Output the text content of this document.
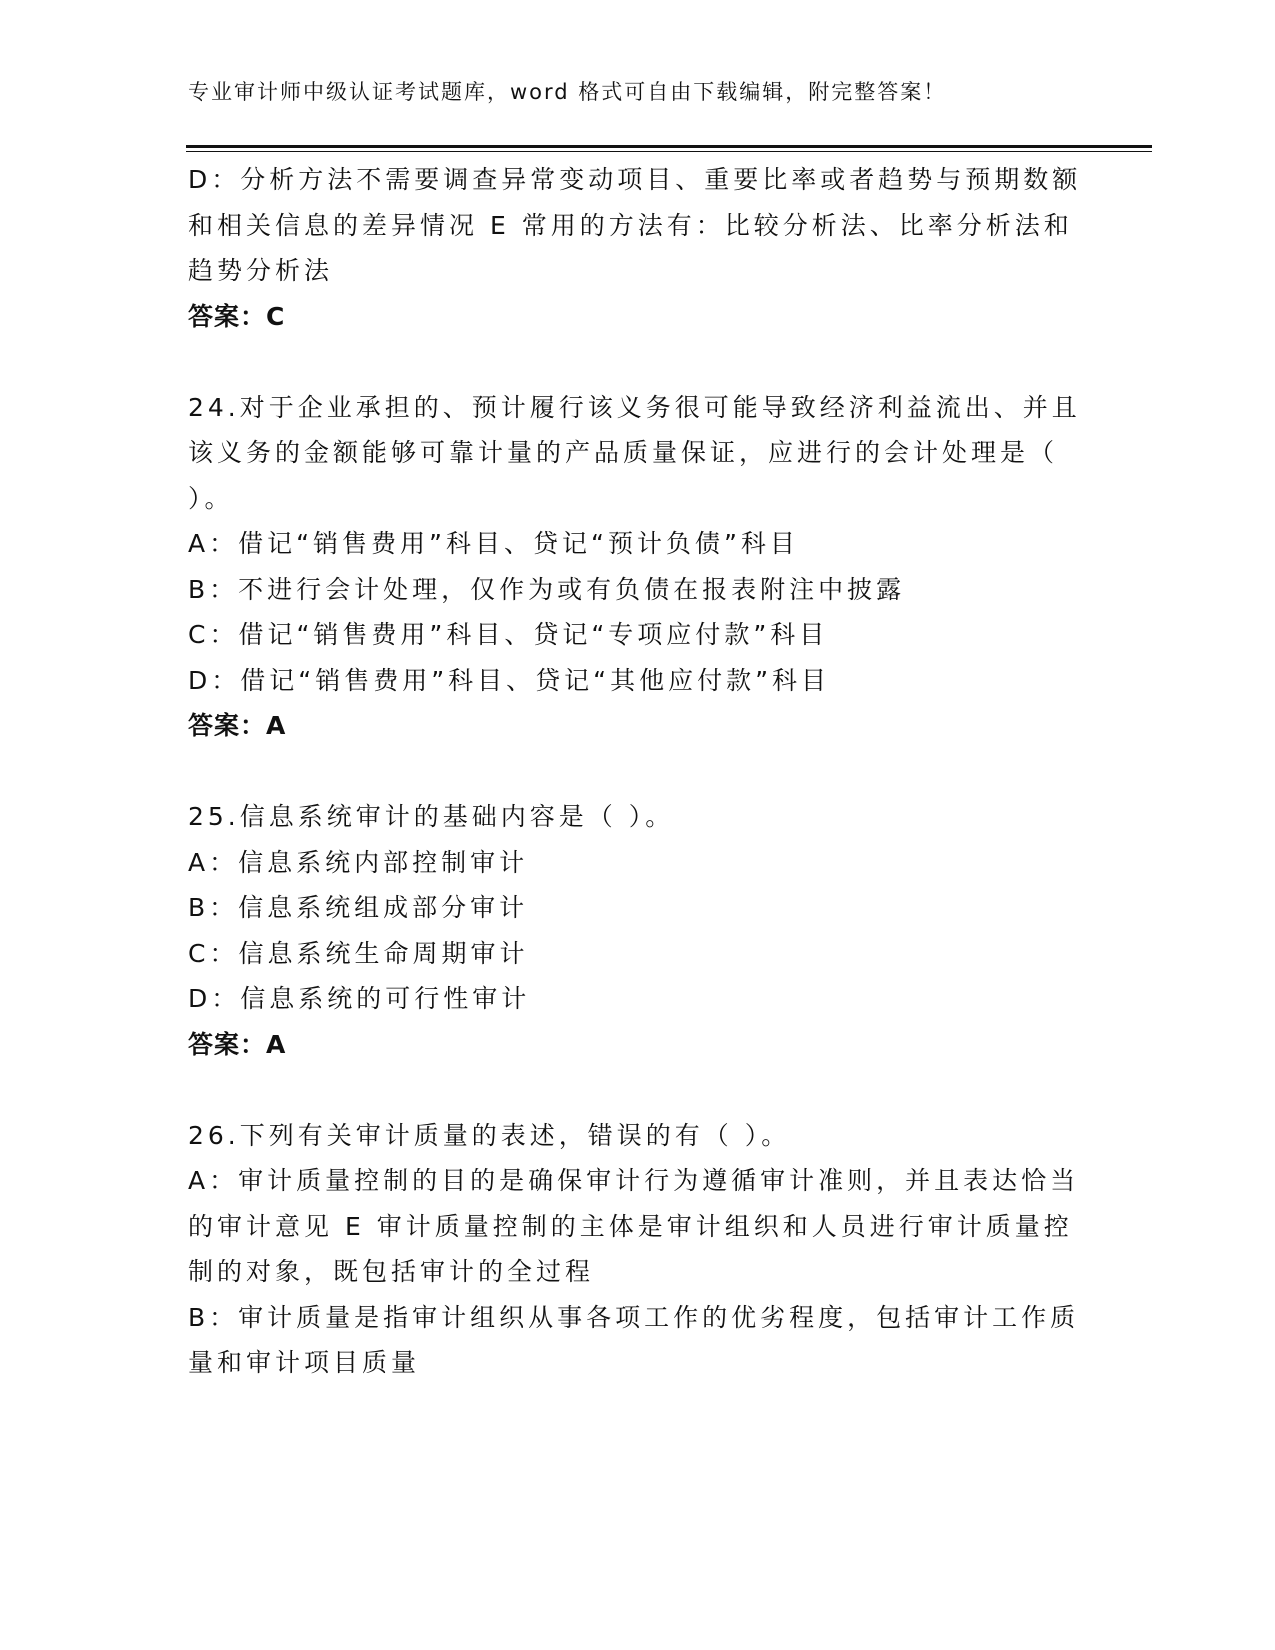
专业审计师中级认证考试题库，word 格式可自由下载编辑，附完整答案！
D：分析方法不需要调查异常变动项目、重要比率或者趋势与预期数额
和相关信息的差异情况 E 常用的方法有：比较分析法、比率分析法和
趋势分析法
答案：C
24.对于企业承担的、预计履行该义务很可能导致经济利益流出、并且
该义务的金额能够可靠计量的产品质量保证，应进行的会计处理是（
）。
A：借记“销售费用”科目、贷记“预计负债”科目
B：不进行会计处理，仅作为或有负债在报表附注中披露
C：借记“销售费用”科目、贷记“专项应付款”科目
D：借记“销售费用”科目、贷记“其他应付款”科目
答案：A
25.信息系统审计的基础内容是（ ）。
A：信息系统内部控制审计
B：信息系统组成部分审计
C：信息系统生命周期审计
D：信息系统的可行性审计
答案：A
26.下列有关审计质量的表述，错误的有（ ）。
A：审计质量控制的目的是确保审计行为遵循审计准则，并且表达恰当
的审计意见 E 审计质量控制的主体是审计组织和人员进行审计质量控
制的对象，既包括审计的全过程
B：审计质量是指审计组织从事各项工作的优劣程度，包括审计工作质
量和审计项目质量
